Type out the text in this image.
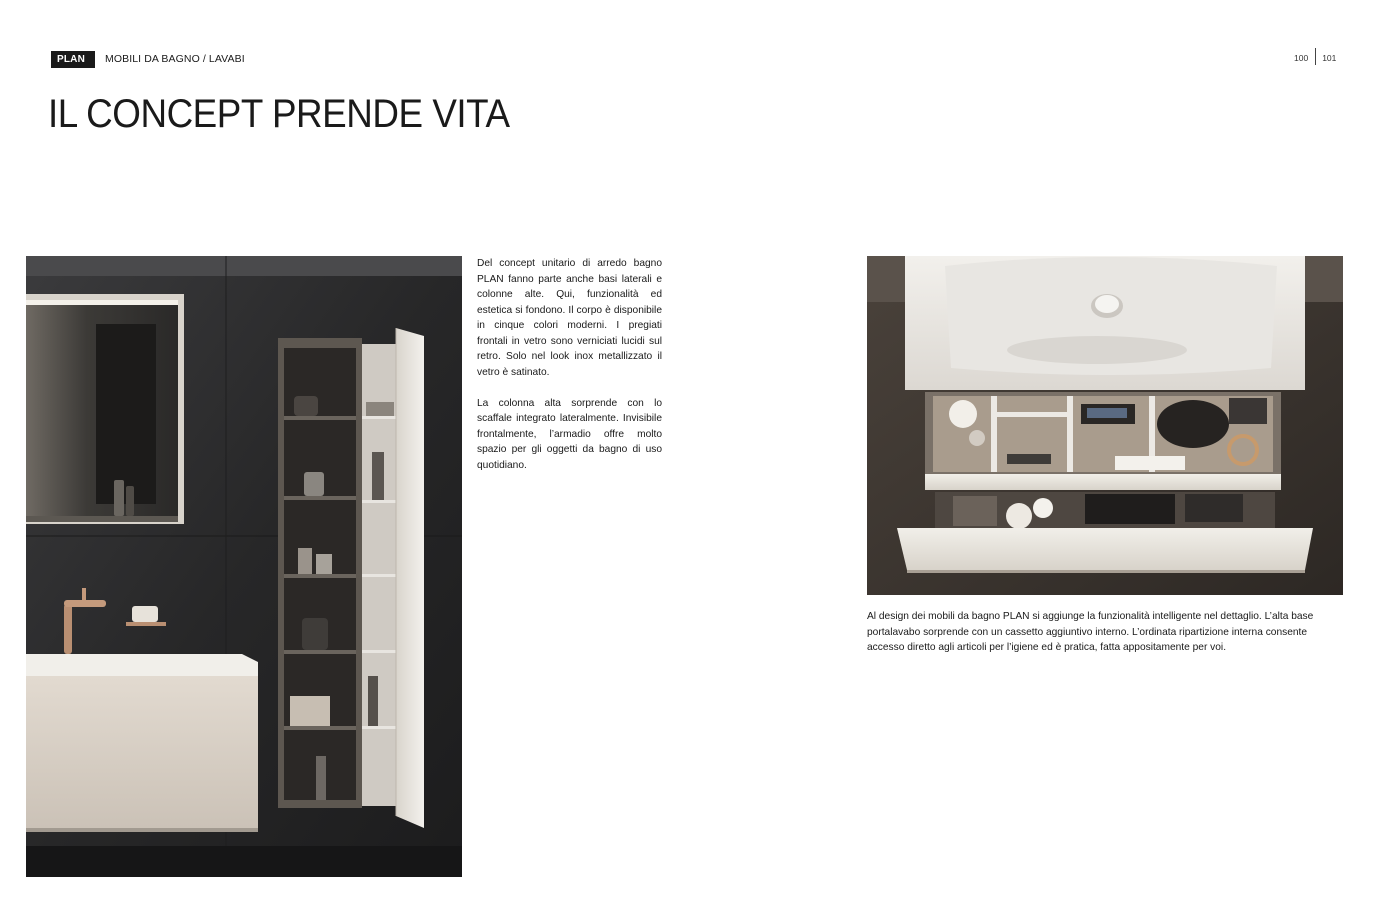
PLAN	MOBILI DA BAGNO / LAVABI	100 101
IL CONCEPT PRENDE VITA

Del concept unitario di arredo bagno PLAN fanno parte anche basi laterali e colonne alte. Qui, funzionalità ed estetica si fondono. Il corpo è disponibile in cinque colori moderni. I pregiati frontali in vetro sono verniciati lucidi sul retro. Solo nel look inox metallizzato il vetro è satinato.

La colonna alta sorprende con lo scaffale integrato lateralmente. Invisibile frontalmente, l’armadio offre molto spazio per gli oggetti da bagno di uso quotidiano.

Al design dei mobili da bagno PLAN si aggiunge la funzionalità intelligente nel dettaglio. L’alta base portalavabo sorprende con un cassetto aggiuntivo interno. L’ordinata ripartizione interna consente accesso diretto agli articoli per l’igiene ed è pratica, fatta appositamente per voi.
